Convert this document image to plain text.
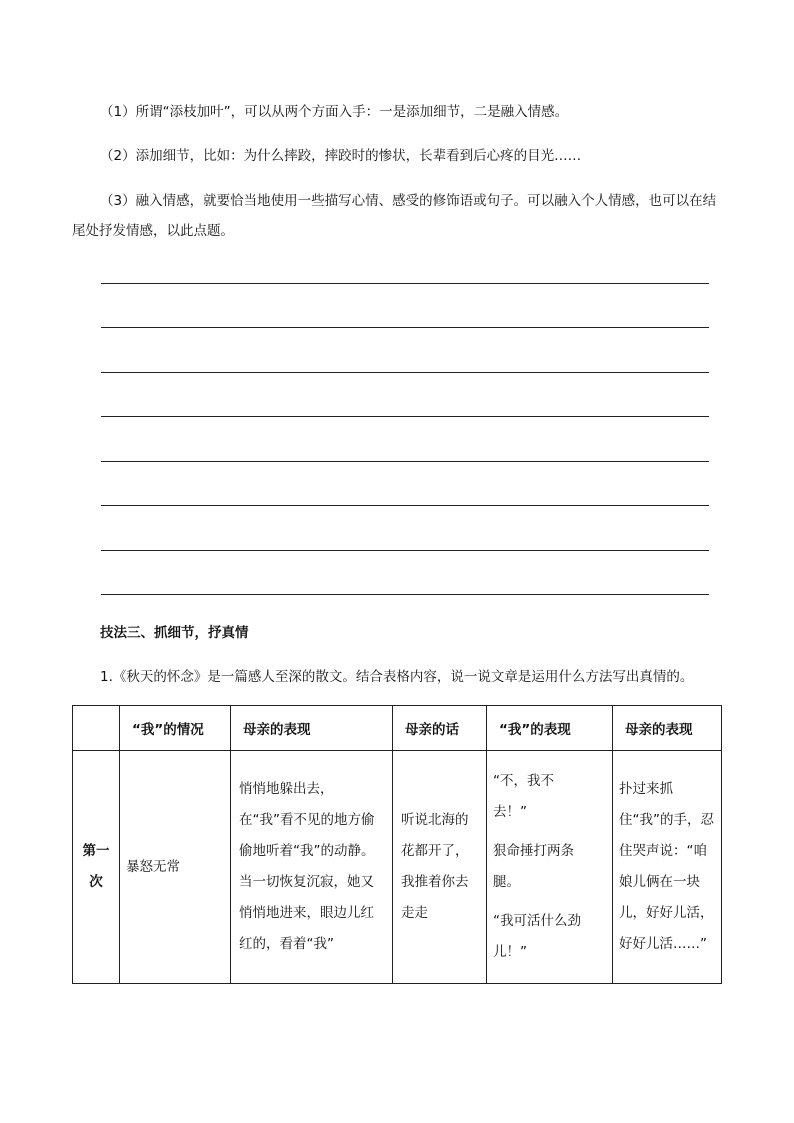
（1）所谓“添枝加叶”，可以从两个方面入手：一是添加细节，二是融入情感。

（2）添加细节，比如：为什么摔跤，摔跤时的惨状，长辈看到后心疼的目光……

（3）融入情感，就要恰当地使用一些描写心情、感受的修饰语或句子。可以融入个人情感，也可以在结尾处抒发情感，以此点题。

技法三、抓细节，抒真情

1.《秋天的怀念》是一篇感人至深的散文。结合表格内容，说一说文章是运用什么方法写出真情的。

	“我”的情况	母亲的表现	母亲的话	“我”的表现	母亲的表现

第一次	暴怒无常	悄悄地躲出去，在“我”看不见的地方偷偷地听着“我”的动静。当一切恢复沉寂，她又悄悄地进来，眼边儿红红的，看着“我”	听说北海的花都开了，我推着你去走走	“不，我不去！”
狠命捶打两条腿。
“我可活什么劲儿！”	扑过来抓住“我”的手，忍住哭声说：“咱娘儿俩在一块儿，好好儿活，好好儿活……”
